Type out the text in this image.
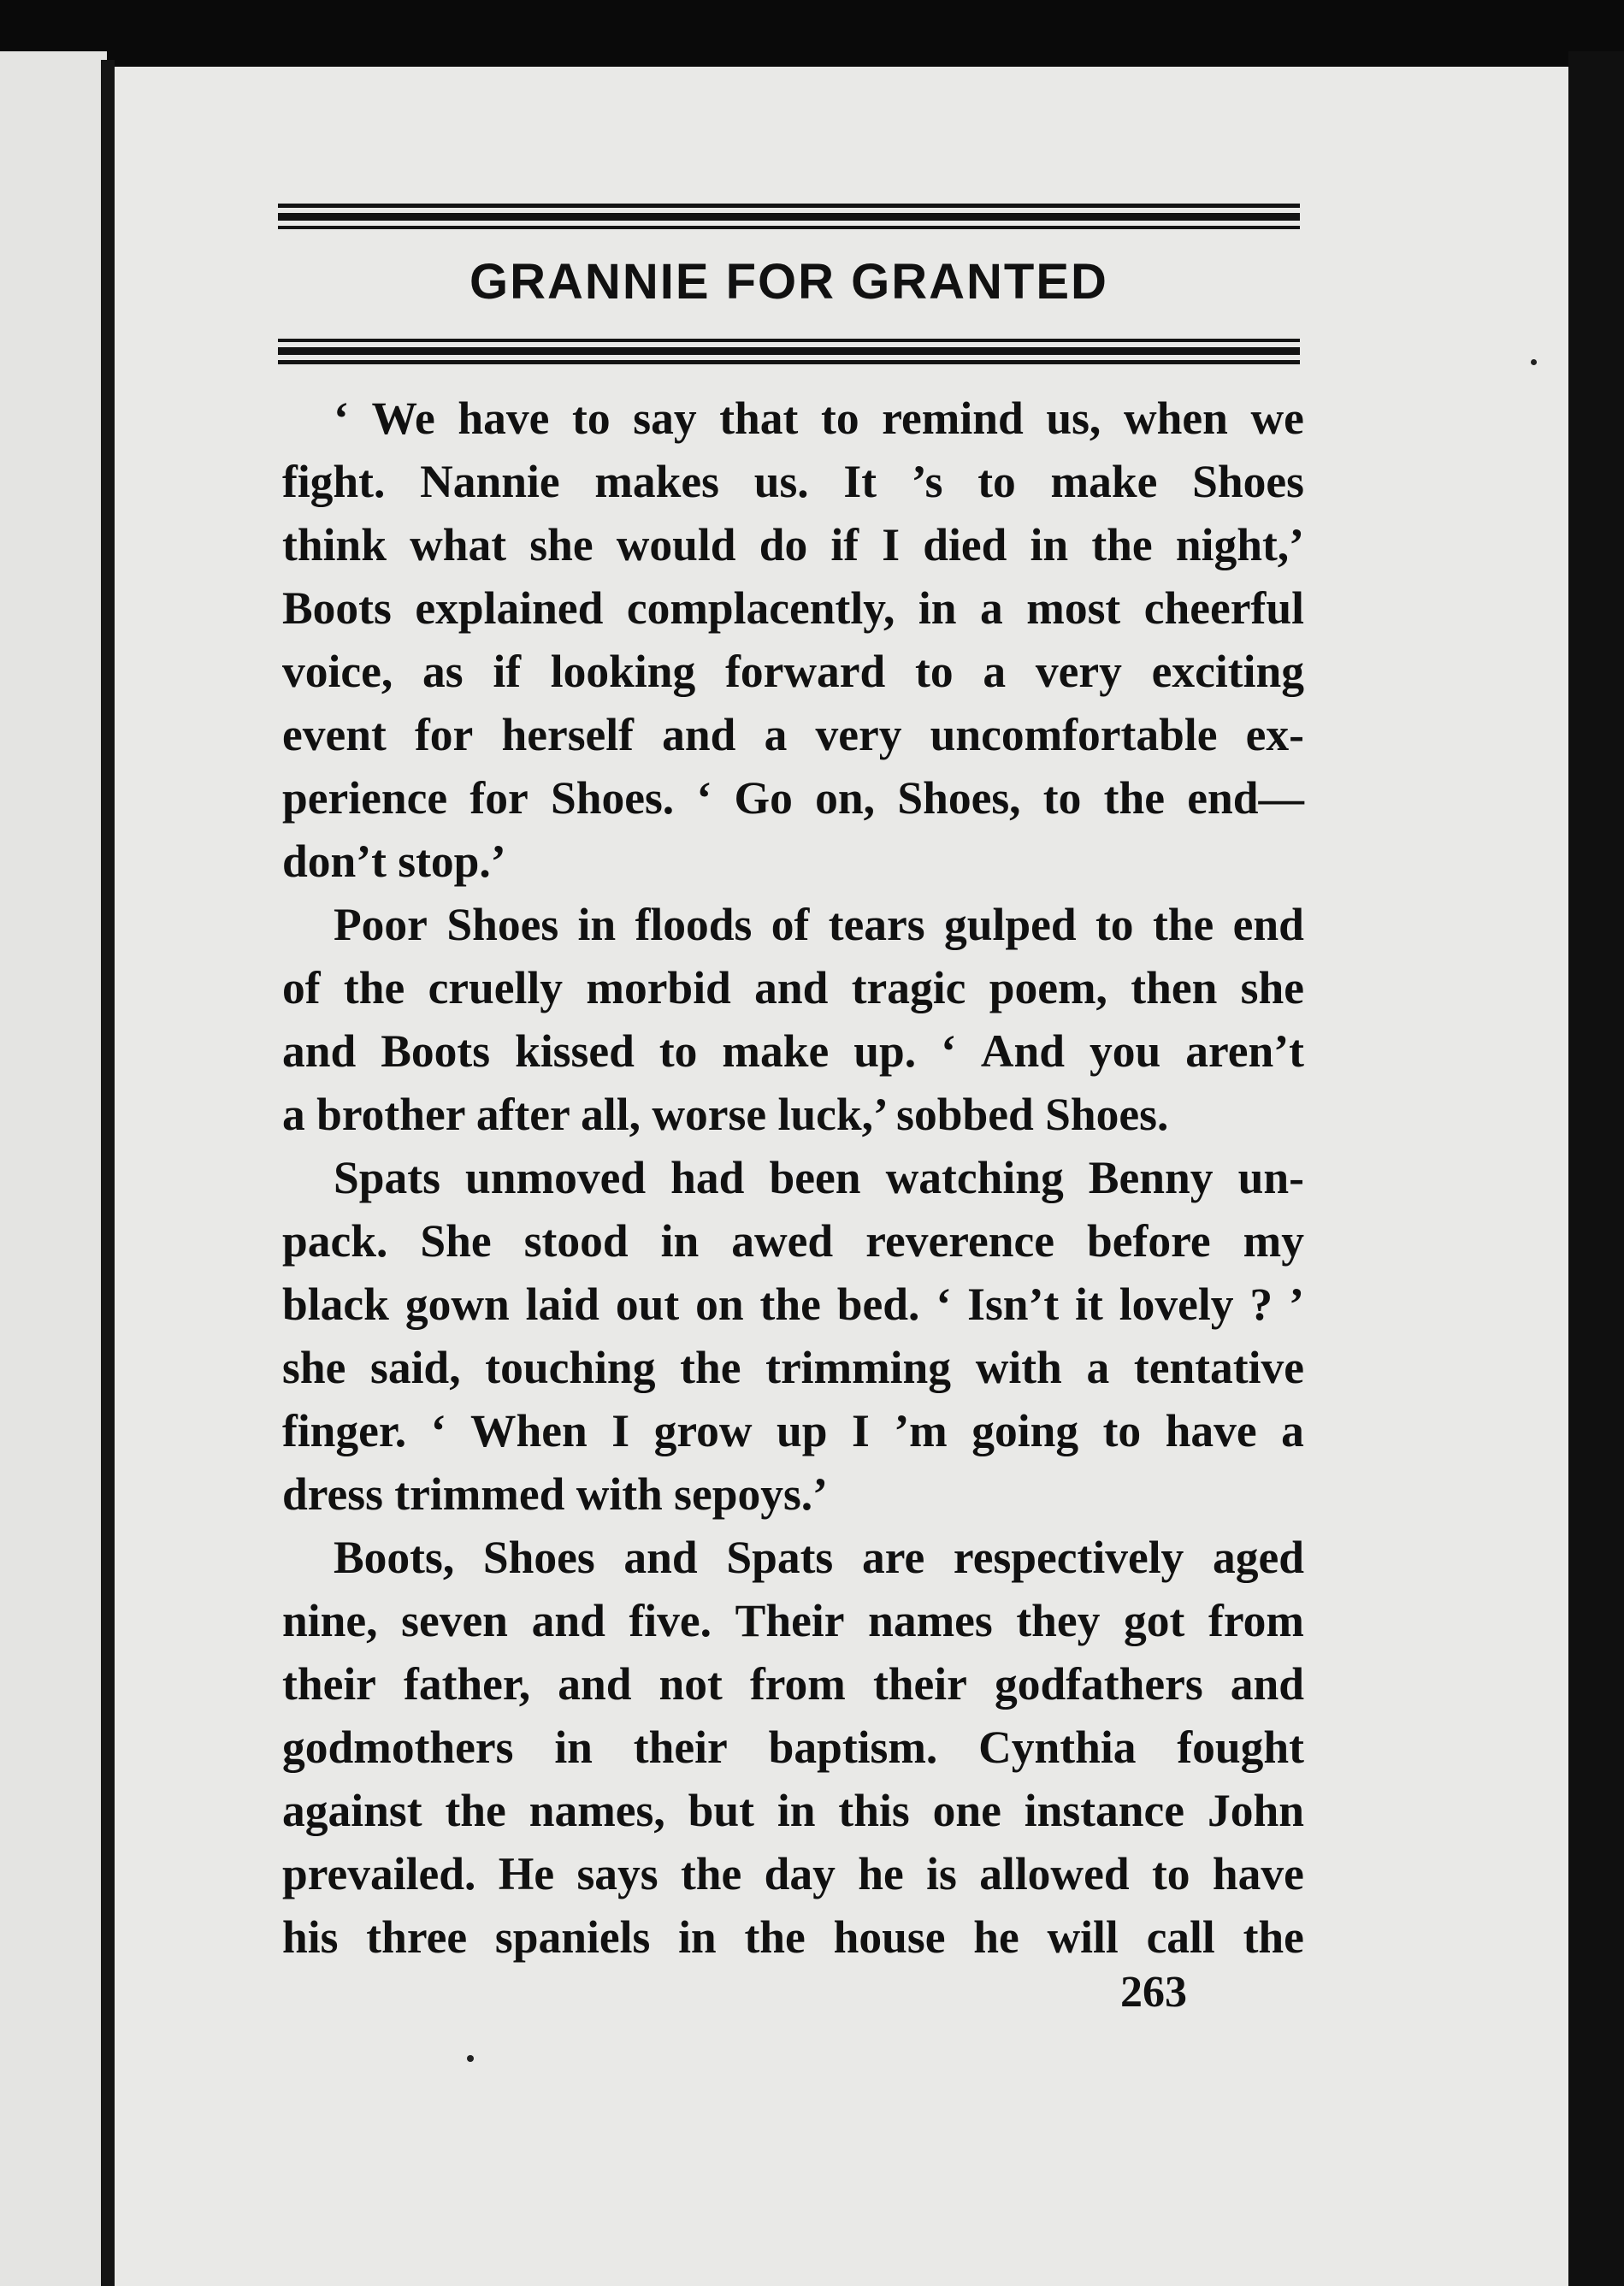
GRANNIE FOR GRANTED
‘ We have to say that to remind us, when we
fight. Nannie makes us. It ’s to make Shoes
think what she would do if I died in the night,’
Boots explained complacently, in a most cheerful
voice, as if looking forward to a very exciting
event for herself and a very uncomfortable ex-
perience for Shoes. ‘ Go on, Shoes, to the end—
don’t stop.’
Poor Shoes in floods of tears gulped to the end
of the cruelly morbid and tragic poem, then she
and Boots kissed to make up. ‘ And you aren’t
a brother after all, worse luck,’ sobbed Shoes.
Spats unmoved had been watching Benny un-
pack. She stood in awed reverence before my
black gown laid out on the bed. ‘ Isn’t it lovely ? ’
she said, touching the trimming with a tentative
finger. ‘ When I grow up I ’m going to have a
dress trimmed with sepoys.’
Boots, Shoes and Spats are respectively aged
nine, seven and five. Their names they got from
their father, and not from their godfathers and
godmothers in their baptism. Cynthia fought
against the names, but in this one instance John
prevailed. He says the day he is allowed to have
his three spaniels in the house he will call the
263
